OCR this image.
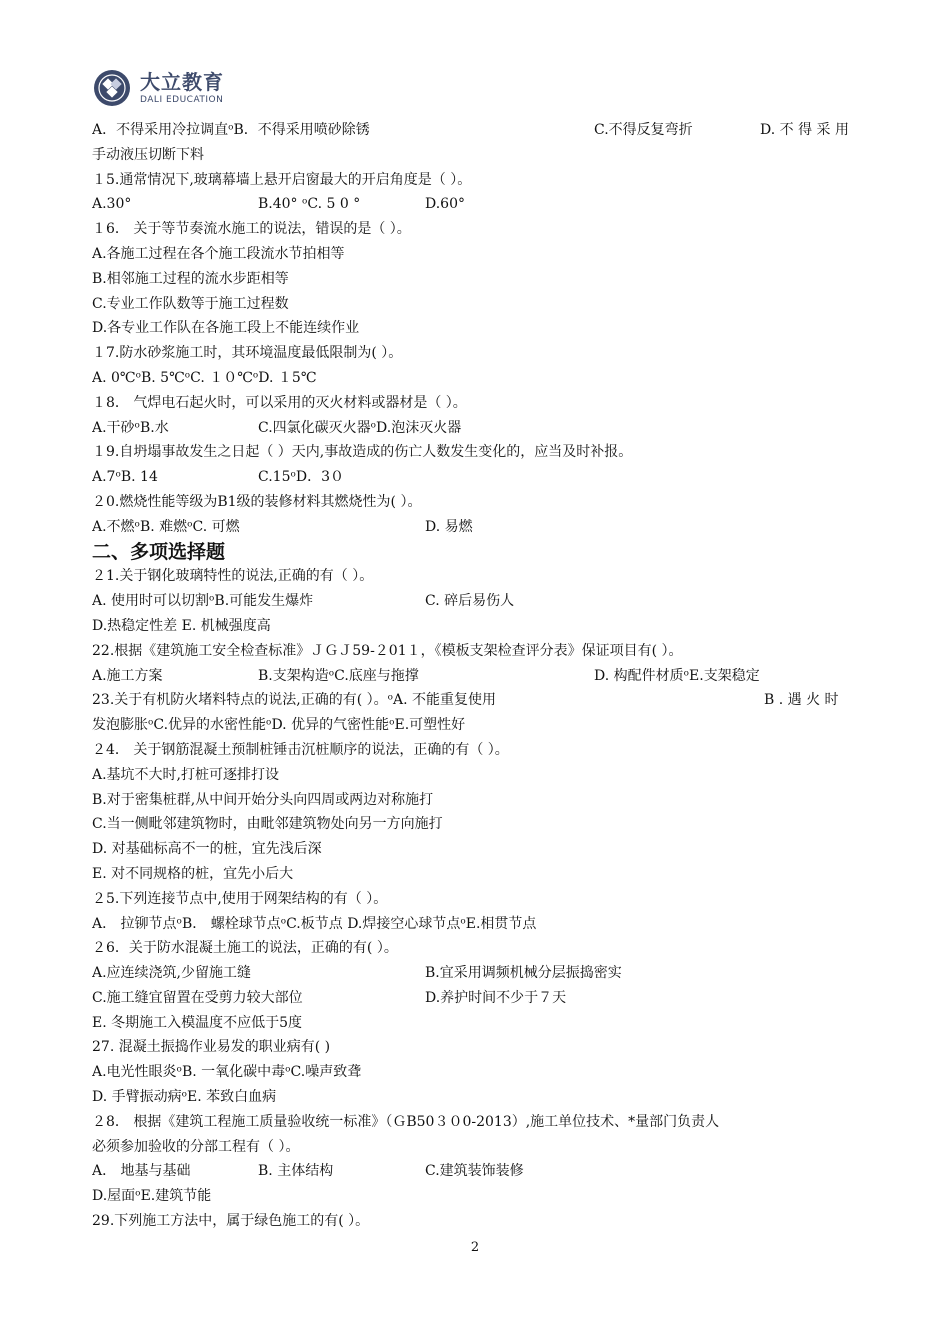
大立教育
DALI EDUCATION
A．不得采用冷拉调直ᵒB．不得采用喷砂除锈	C.不得反复弯折	D. 不 得 采 用
手动液压切断下料
１5.通常情况下,玻璃幕墙上悬开启窗最大的开启角度是（ ）。
A.30°	B.40° ᵒC. 5 0 °	D.60°
１6． 关于等节奏流水施工的说法，错误的是（ ）。
A.各施工过程在各个施工段流水节拍相等
B.相邻施工过程的流水步距相等
C.专业工作队数等于施工过程数
D.各专业工作队在各施工段上不能连续作业
１7.防水砂浆施工时，其环境温度最低限制为( ）。
A. 0℃ᵒB. 5℃ᵒC. １０℃ᵒD. １5℃
１8． 气焊电石起火时，可以采用的灭火材料或器材是（ ）。
A.干砂ᵒB.水	C.四氯化碳灭火器ᵒD.泡沫灭火器
１9.自坍塌事故发生之日起（ ）天内,事故造成的伤亡人数发生变化的，应当及时补报。
A.7ᵒB. 14	C.15ᵒD．3０
２0.燃烧性能等级为B1级的装修材料其燃烧性为( ）。
A.不燃ᵒB. 难燃ᵒC. 可燃	D. 易燃
二、多项选择题
２1.关于钢化玻璃特性的说法,正确的有（ ）。
A. 使用时可以切割ᵒB.可能发生爆炸	C. 碎后易伤人
D.热稳定性差 E. 机械强度高
22.根据《建筑施工安全检查标准》ＪＧＪ59-２01１，《模板支架检查评分表》保证项目有( ）。
A.施工方案	B.支架构造ᵒC.底座与拖撑	D. 构配件材质ᵒE.支架稳定
23.关于有机防火堵料特点的说法,正确的有( ）。ᵒA. 不能重复使用	B . 遇 火 时
发泡膨胀ᵒC.优异的水密性能ᵒD. 优异的气密性能ᵒE.可塑性好
２4． 关于钢筋混凝土预制桩锤击沉桩顺序的说法，正确的有（ ）。
A.基坑不大时,打桩可逐排打设
B.对于密集桩群,从中间开始分头向四周或两边对称施打
C.当一侧毗邻建筑物时，由毗邻建筑物处向另一方向施打
D. 对基础标高不一的桩，宜先浅后深
E. 对不同规格的桩，宜先小后大
２5.下列连接节点中,使用于网架结构的有（ ）。
A． 拉铆节点ᵒB． 螺栓球节点ᵒC.板节点 D.焊接空心球节点ᵒE.相贯节点
２6．关于防水混凝土施工的说法，正确的有( ）。
A.应连续浇筑,少留施工缝	B.宜采用调频机械分层振捣密实
C.施工缝宜留置在受剪力较大部位	D.养护时间不少于７天
E. 冬期施工入模温度不应低于5度
27. 混凝土振捣作业易发的职业病有( )
A.电光性眼炎ᵒB. 一氧化碳中毒ᵒC.噪声致聋
D. 手臂振动病ᵒE. 苯致白血病
２8． 根据《建筑工程施工质量验收统一标准》（ＧB50３０0-2013）,施工单位技术、*量部门负责人
必须参加验收的分部工程有（ ）。
A． 地基与基础	B. 主体结构	C.建筑装饰装修
D.屋面ᵒE.建筑节能
29.下列施工方法中，属于绿色施工的有( ）。
2
